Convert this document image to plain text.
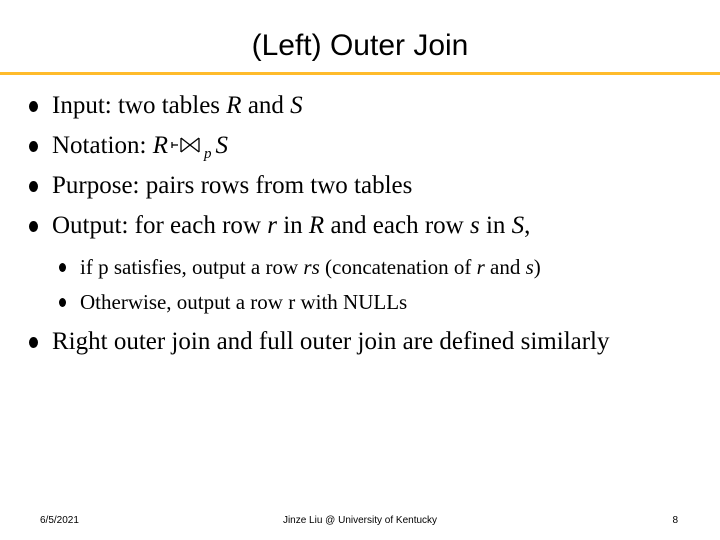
(Left) Outer Join
Input: two tables R and S
Notation: R $_p$ S
Purpose: pairs rows from two tables
Output: for each row r in R and each row s in S,
if p satisfies, output a row rs (concatenation of r and s)
Otherwise, output a row r with NULLs
Right outer join and full outer join are defined similarly
6/5/2021	Jinze Liu @ University of Kentucky	8
